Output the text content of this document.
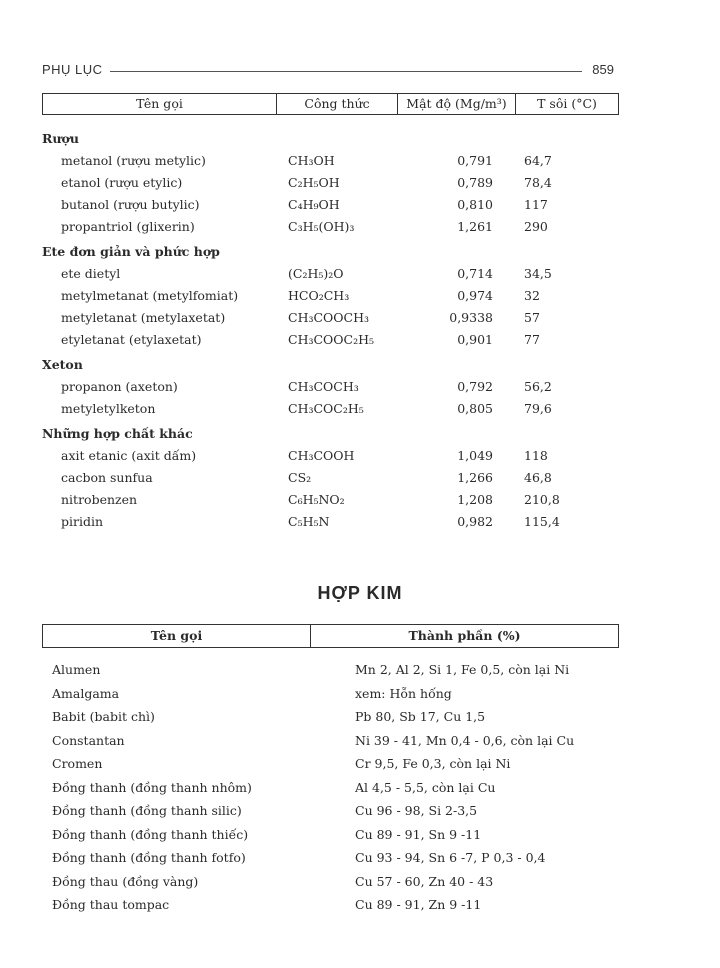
PHỤ LỤC	859
Tên gọi	Công thức	Mật độ (Mg/m³)	T sôi (°C)
Rượu
metanol (rượu metylic)	CH₃OH	0,791 64,7
etanol (rượu etylic)	C₂H₅OH	0,789 78,4
butanol (rượu butylic)	C₄H₉OH	0,810 117
propantriol (glixerin)	C₃H₅(OH)₃	1,261 290
Ete đơn giản và phức hợp
ete dietyl	(C₂H₅)₂O	0,714 34,5
metylmetanat (metylfomiat)	HCO₂CH₃	0,974 32
metyletanat (metylaxetat)	CH₃COOCH₃	0,9338 57
etyletanat (etylaxetat)	CH₃COOC₂H₅	0,901 77
Xeton
propanon (axeton)	CH₃COCH₃	0,792 56,2
metyletylketon	CH₃COC₂H₅	0,805 79,6
Những hợp chất khác
axit etanic (axit dấm)	CH₃COOH	1,049 118
cacbon sunfua	CS₂	1,266 46,8
nitrobenzen	C₆H₅NO₂	1,208 210,8
piridin	C₅H₅N	0,982 115,4
HỢP KIM
Tên gọi	Thành phần (%)
Alumen	Mn 2, Al 2, Si 1, Fe 0,5, còn lại Ni
Amalgama	xem: Hỗn hống
Babit (babit chì)	Pb 80, Sb 17, Cu 1,5
Constantan	Ni 39 - 41, Mn 0,4 - 0,6, còn lại Cu
Cromen	Cr 9,5, Fe 0,3, còn lại Ni
Đồng thanh (đồng thanh nhôm)	Al 4,5 - 5,5, còn lại Cu
Đồng thanh (đồng thanh silic)	Cu 96 - 98, Si 2-3,5
Đồng thanh (đồng thanh thiếc)	Cu 89 - 91, Sn 9 -11
Đồng thanh (đồng thanh fotfo)	Cu 93 - 94, Sn 6 -7, P 0,3 - 0,4
Đồng thau (đồng vàng)	Cu 57 - 60, Zn 40 - 43
Đồng thau tompac	Cu 89 - 91, Zn 9 -11
